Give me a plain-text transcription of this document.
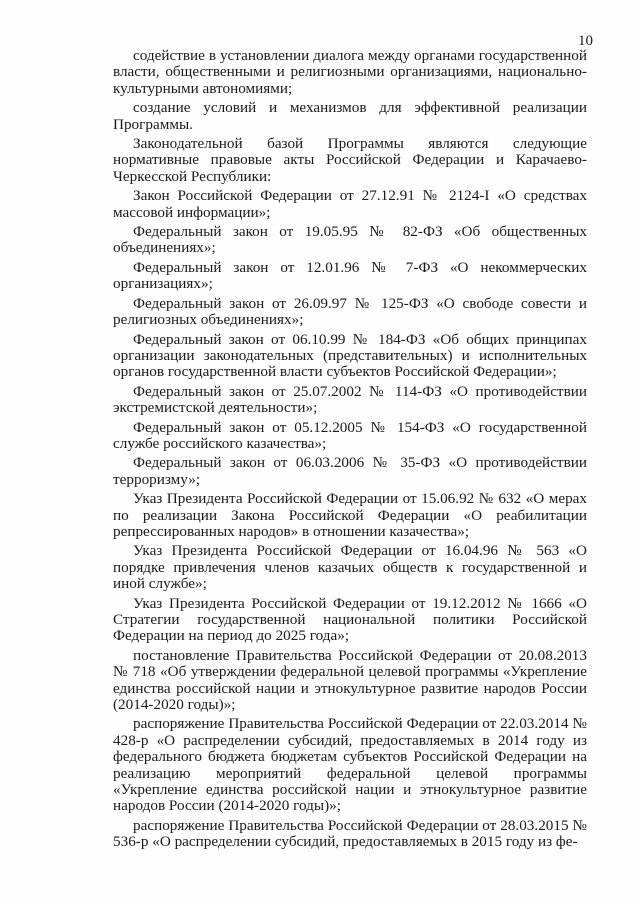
10

содействие в установлении диалога между органами государственной власти, общественными и религиозными организациями, национально-культурными автономиями;

создание условий и механизмов для эффективной реализации Программы.

Законодательной базой Программы являются следующие нормативные правовые акты Российской Федерации и Карачаево-Черкесской Республики:

Закон Российской Федерации от 27.12.91 № 2124-I «О средствах массовой информации»;

Федеральный закон от 19.05.95 № 82-ФЗ «Об общественных объединениях»;

Федеральный закон от 12.01.96 № 7-ФЗ «О некоммерческих организациях»;

Федеральный закон от 26.09.97 № 125-ФЗ «О свободе совести и религиозных объединениях»;

Федеральный закон от 06.10.99 № 184-ФЗ «Об общих принципах организации законодательных (представительных) и исполнительных органов государственной власти субъектов Российской Федерации»;

Федеральный закон от 25.07.2002 № 114-ФЗ «О противодействии экстремистской деятельности»;

Федеральный закон от 05.12.2005 № 154-ФЗ «О государственной службе российского казачества»;

Федеральный закон от 06.03.2006 № 35-ФЗ «О противодействии терроризму»;

Указ Президента Российской Федерации от 15.06.92 № 632 «О мерах по реализации Закона Российской Федерации «О реабилитации репрессированных народов» в отношении казачества»;

Указ Президента Российской Федерации от 16.04.96 № 563 «О порядке привлечения членов казачьих обществ к государственной и иной службе»;

Указ Президента Российской Федерации от 19.12.2012 № 1666 «О Стратегии государственной национальной политики Российской Федерации на период до 2025 года»;

постановление Правительства Российской Федерации от 20.08.2013 № 718 «Об утверждении федеральной целевой программы «Укрепление единства российской нации и этнокультурное развитие народов России (2014-2020 годы)»;

распоряжение Правительства Российской Федерации от 22.03.2014 № 428-р «О распределении субсидий, предоставляемых в 2014 году из федерального бюджета бюджетам субъектов Российской Федерации на реализацию мероприятий федеральной целевой программы «Укрепление единства российской нации и этнокультурное развитие народов России (2014-2020 годы)»;

распоряжение Правительства Российской Федерации от 28.03.2015 № 536-р «О распределении субсидий, предоставляемых в 2015 году из фе-
